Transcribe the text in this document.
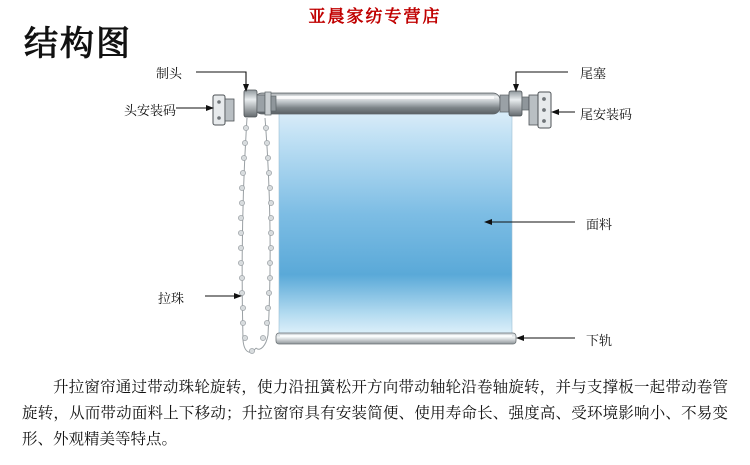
亚晨家纺专营店
结构图
制头
头安装码
尾塞
尾安装码
面料
拉珠
下轨
升拉窗帘通过带动珠轮旋转，使力沿扭簧松开方向带动轴轮沿卷轴旋转，并与支撑板一起带动卷管旋转，从而带动面料上下移动；升拉窗帘具有安装简便、使用寿命长、强度高、受环境影响小、不易变形、外观精美等特点。
